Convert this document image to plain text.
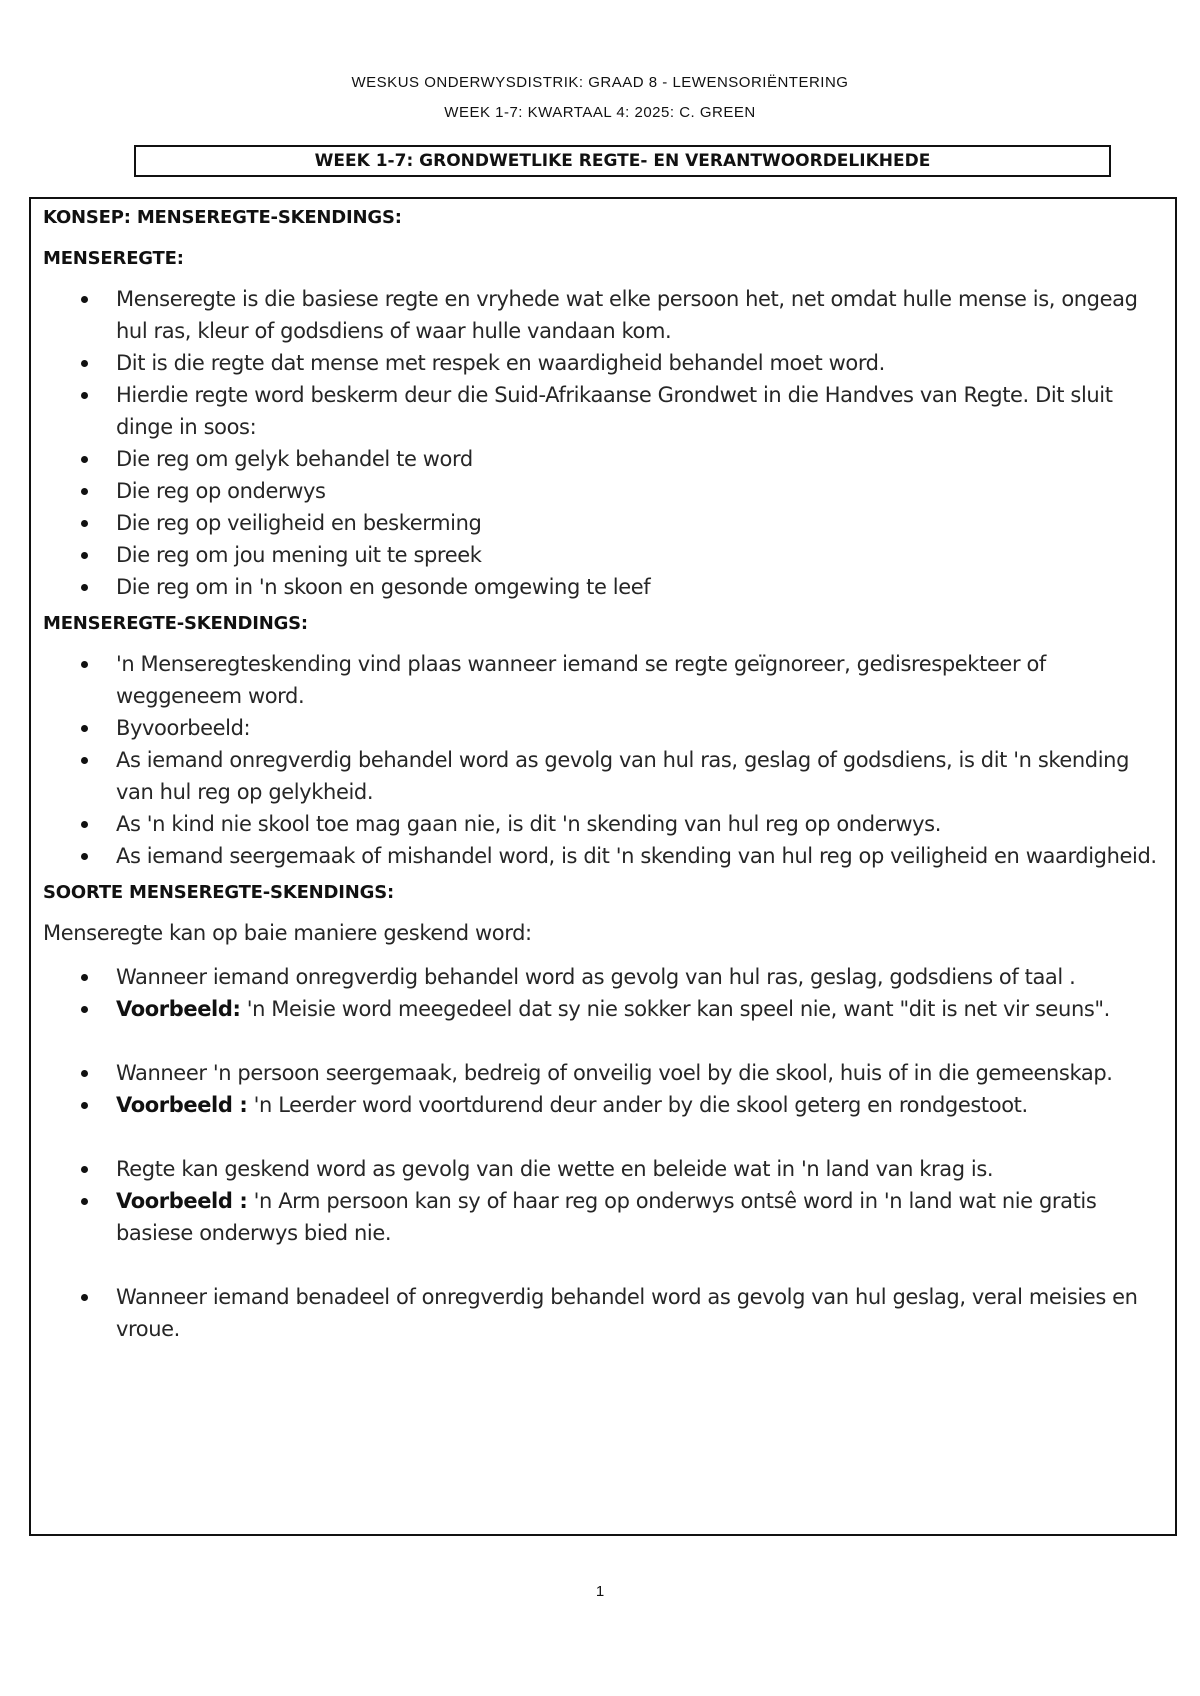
WESKUS ONDERWYSDISTRIK: GRAAD 8 - LEWENSORIËNTERING
WEEK 1-7: KWARTAAL 4: 2025: C. GREEN
WEEK 1-7: GRONDWETLIKE REGTE- EN VERANTWOORDELIKHEDE

KONSEP: MENSEREGTE-SKENDINGS:

MENSEREGTE:

Menseregte is die basiese regte en vryhede wat elke persoon het, net omdat hulle mense is, ongeag hul ras, kleur of godsdiens of waar hulle vandaan kom.
Dit is die regte dat mense met respek en waardigheid behandel moet word.
Hierdie regte word beskerm deur die Suid-Afrikaanse Grondwet in die Handves van Regte. Dit sluit dinge in soos:
Die reg om gelyk behandel te word
Die reg op onderwys
Die reg op veiligheid en beskerming
Die reg om jou mening uit te spreek
Die reg om in 'n skoon en gesonde omgewing te leef

MENSEREGTE-SKENDINGS:

'n Menseregteskending vind plaas wanneer iemand se regte geïgnoreer, gedisrespekteer of weggeneem word.
Byvoorbeeld:
As iemand onregverdig behandel word as gevolg van hul ras, geslag of godsdiens, is dit 'n skending van hul reg op gelykheid.
As 'n kind nie skool toe mag gaan nie, is dit 'n skending van hul reg op onderwys.
As iemand seergemaak of mishandel word, is dit 'n skending van hul reg op veiligheid en waardigheid.

SOORTE MENSEREGTE-SKENDINGS:

Menseregte kan op baie maniere geskend word:

Wanneer iemand onregverdig behandel word as gevolg van hul ras, geslag, godsdiens of taal .
Voorbeeld: 'n Meisie word meegedeel dat sy nie sokker kan speel nie, want "dit is net vir seuns".
Wanneer 'n persoon seergemaak, bedreig of onveilig voel by die skool, huis of in die gemeenskap.
Voorbeeld : 'n Leerder word voortdurend deur ander by die skool geterg en rondgestoot.
Regte kan geskend word as gevolg van die wette en beleide wat in 'n land van krag is.
Voorbeeld : 'n Arm persoon kan sy of haar reg op onderwys ontsê word in 'n land wat nie gratis basiese onderwys bied nie.
Wanneer iemand benadeel of onregverdig behandel word as gevolg van hul geslag, veral meisies en vroue.
1
